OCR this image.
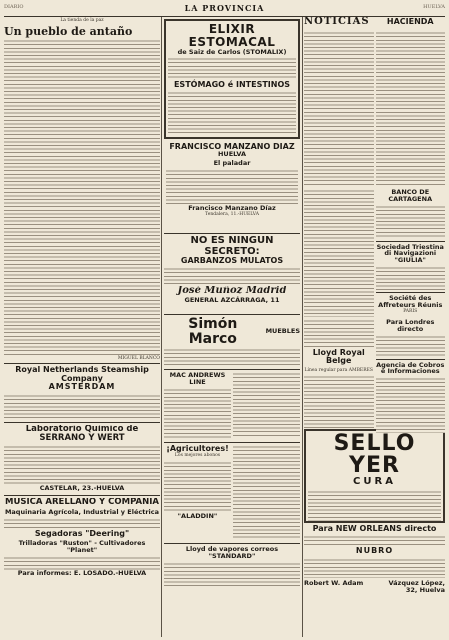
DIARIO	LA PROVINCIA	HUELVA
La tienda de la paz
Un pueblo de antaño
MIGUEL BLANCO
Royal Netherlands Steamship Company
AMSTERDAM
Laboratorio Químico de SERRANO Y WERT
CASTELAR, 23.-HUELVA
MUSICA ARELLANO Y COMPAÑIA
Maquinaria Agrícola, Industrial y Eléctrica
Segadoras "Deering"
Trilladoras "Ruston" - Cultivadores "Planet"
Para informes: E. LOSADO.-HUELVA
ELIXIR ESTOMACAL
de Saiz de Carlos (STOMALIX)
ESTÓMAGO é INTESTINOS
FRANCISCO MANZANO DIAZ
HUELVA
El paladar
Francisco Manzano Díaz
Tendalera, 11.-HUELVA
NO ES NINGUN SECRETO:
GARBANZOS MULATOS
José Muñoz Madrid
GENERAL AZCÁRRAGA, 11
Simón Marco	MUEBLES
MAC ANDREWS LINE
¡Agricultores!
Los mejores abonos
"ALADDIN"
Lloyd de vapores correos "STANDARD"
NOTICIAS	HACIENDA
BANCO DE CARTAGENA
Sociedad Triestina di Navigazioni
"GIULIA"
Société des Affreteurs Réunis
PARIS
Lloyd Royal Belge
Línea regular para AMBERES
Para Londres directo
Agencia de Cobros é Informaciones
SELLO YER
CURA
Para NEW ORLEANS directo
NUBRO
Robert W. Adam	Vázquez López, 32, Huelva
